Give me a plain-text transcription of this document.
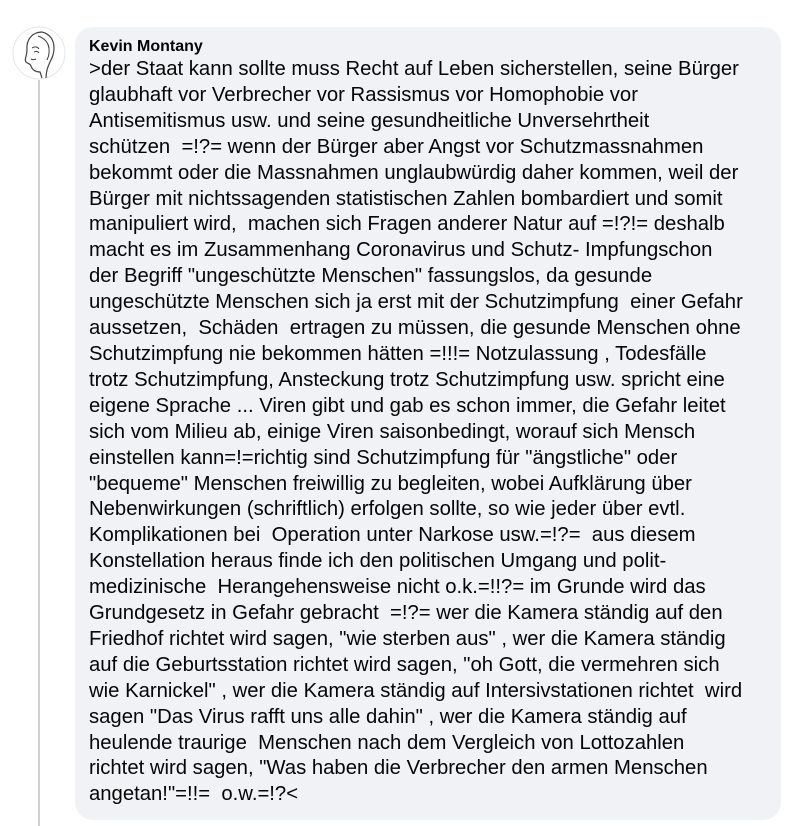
Kevin Montany
>der Staat kann sollte muss Recht auf Leben sicherstellen, seine Bürger
glaubhaft vor Verbrecher vor Rassismus vor Homophobie vor
Antisemitismus usw. und seine gesundheitliche Unversehrtheit
schützen  =!?= wenn der Bürger aber Angst vor Schutzmassnahmen
bekommt oder die Massnahmen unglaubwürdig daher kommen, weil der
Bürger mit nichtssagenden statistischen Zahlen bombardiert und somit
manipuliert wird,  machen sich Fragen anderer Natur auf =!?!= deshalb
macht es im Zusammenhang Coronavirus und Schutz- Impfungschon
der Begriff "ungeschützte Menschen" fassungslos, da gesunde
ungeschützte Menschen sich ja erst mit der Schutzimpfung  einer Gefahr
aussetzen,  Schäden  ertragen zu müssen, die gesunde Menschen ohne
Schutzimpfung nie bekommen hätten =!!!= Notzulassung , Todesfälle
trotz Schutzimpfung, Ansteckung trotz Schutzimpfung usw. spricht eine
eigene Sprache ... Viren gibt und gab es schon immer, die Gefahr leitet
sich vom Milieu ab, einige Viren saisonbedingt, worauf sich Mensch
einstellen kann=!=richtig sind Schutzimpfung für "ängstliche" oder
"bequeme" Menschen freiwillig zu begleiten, wobei Aufklärung über
Nebenwirkungen (schriftlich) erfolgen sollte, so wie jeder über evtl.
Komplikationen bei  Operation unter Narkose usw.=!?=  aus diesem
Konstellation heraus finde ich den politischen Umgang und polit-
medizinische  Herangehensweise nicht o.k.=!!?= im Grunde wird das
Grundgesetz in Gefahr gebracht  =!?= wer die Kamera ständig auf den
Friedhof richtet wird sagen, "wie sterben aus" , wer die Kamera ständig
auf die Geburtsstation richtet wird sagen, "oh Gott, die vermehren sich
wie Karnickel" , wer die Kamera ständig auf Intersivstationen richtet  wird
sagen "Das Virus rafft uns alle dahin" , wer die Kamera ständig auf
heulende traurige  Menschen nach dem Vergleich von Lottozahlen
richtet wird sagen, "Was haben die Verbrecher den armen Menschen
angetan!"=!!=  o.w.=!?<
